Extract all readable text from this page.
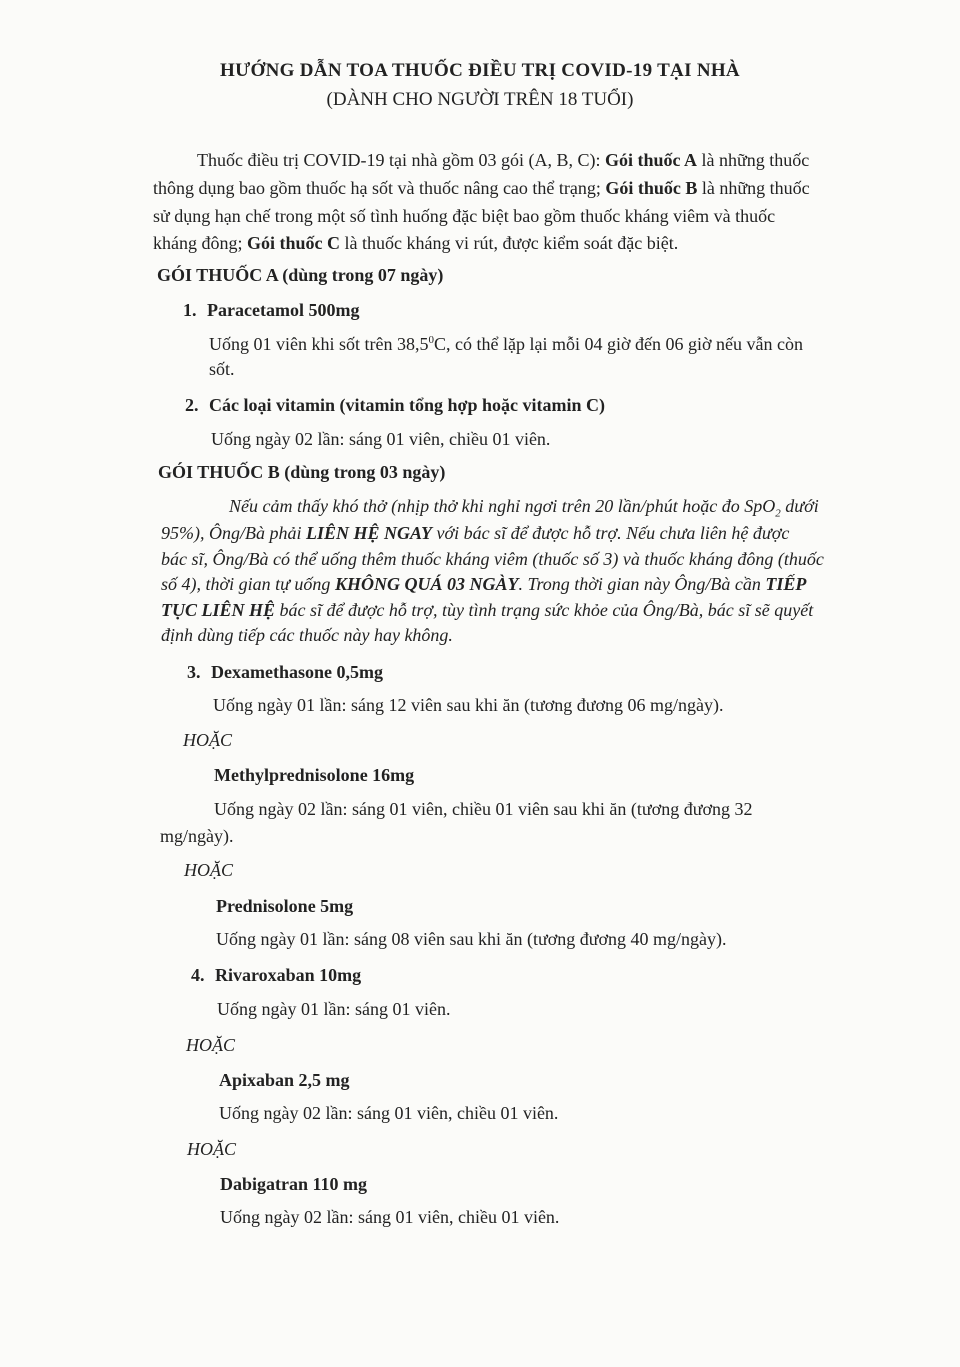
HƯỚNG DẪN TOA THUỐC ĐIỀU TRỊ COVID-19 TẠI NHÀ
(DÀNH CHO NGƯỜI TRÊN 18 TUỔI)
Thuốc điều trị COVID-19 tại nhà gồm 03 gói (A, B, C): Gói thuốc A là những thuốc
thông dụng bao gồm thuốc hạ sốt và thuốc nâng cao thể trạng; Gói thuốc B là những thuốc
sử dụng hạn chế trong một số tình huống đặc biệt bao gồm thuốc kháng viêm và thuốc
kháng đông; Gói thuốc C là thuốc kháng vi rút, được kiểm soát đặc biệt.
GÓI THUỐC A (dùng trong 07 ngày)
1. Paracetamol 500mg
Uống 01 viên khi sốt trên 38,5$^0$C, có thể lặp lại mỗi 04 giờ đến 06 giờ nếu vẫn còn
sốt.
2. Các loại vitamin (vitamin tổng hợp hoặc vitamin C)
Uống ngày 02 lần: sáng 01 viên, chiều 01 viên.
GÓI THUỐC B (dùng trong 03 ngày)
Nếu cảm thấy khó thở (nhịp thở khi nghỉ ngơi trên 20 lần/phút hoặc đo SpO$_2$ dưới
95%), Ông/Bà phải LIÊN HỆ NGAY với bác sĩ để được hỗ trợ. Nếu chưa liên hệ được
bác sĩ, Ông/Bà có thể uống thêm thuốc kháng viêm (thuốc số 3) và thuốc kháng đông (thuốc
số 4), thời gian tự uống KHÔNG QUÁ 03 NGÀY. Trong thời gian này Ông/Bà cần TIẾP
TỤC LIÊN HỆ bác sĩ để được hỗ trợ, tùy tình trạng sức khỏe của Ông/Bà, bác sĩ sẽ quyết
định dùng tiếp các thuốc này hay không.
3. Dexamethasone 0,5mg
Uống ngày 01 lần: sáng 12 viên sau khi ăn (tương đương 06 mg/ngày).
HOẶC
Methylprednisolone 16mg
Uống ngày 02 lần: sáng 01 viên, chiều 01 viên sau khi ăn (tương đương 32
mg/ngày).
HOẶC
Prednisolone 5mg
Uống ngày 01 lần: sáng 08 viên sau khi ăn (tương đương 40 mg/ngày).
4. Rivaroxaban 10mg
Uống ngày 01 lần: sáng 01 viên.
HOẶC
Apixaban 2,5 mg
Uống ngày 02 lần: sáng 01 viên, chiều 01 viên.
HOẶC
Dabigatran 110 mg
Uống ngày 02 lần: sáng 01 viên, chiều 01 viên.
